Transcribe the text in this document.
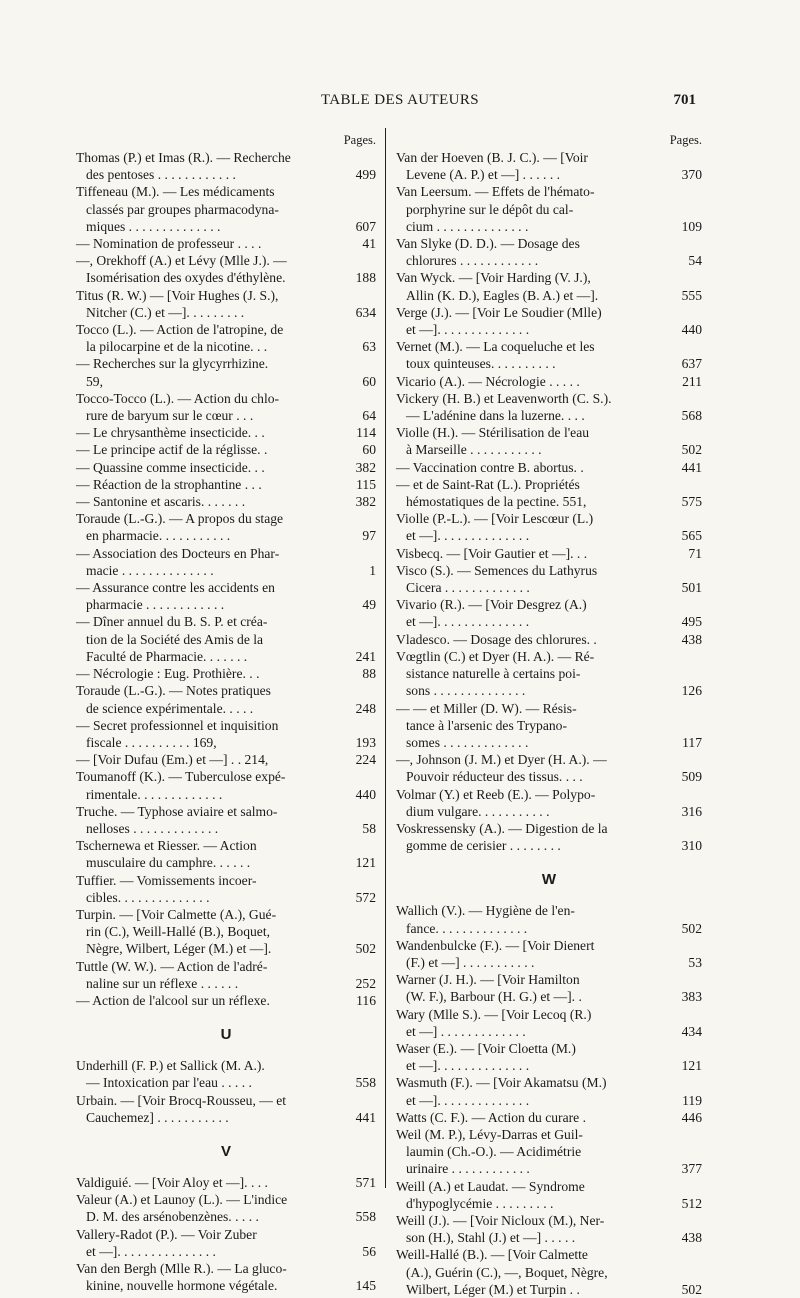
TABLE DES AUTEURS	701
Pages.
Thomas (P.) et Imas (R.). — Recherche
des pentoses . . . . . . . . . . . .	499
Tiffeneau (M.). — Les médicaments
classés par groupes pharmacodyna-
miques . . . . . . . . . . . . . .	607
— Nomination de professeur . . . .	41
—, Orekhoff (A.) et Lévy (Mlle J.). —
Isomérisation des oxydes d'éthylène.	188
Titus (R. W.) — [Voir Hughes (J. S.),
Nitcher (C.) et —]. . . . . . . . .	634
Tocco (L.). — Action de l'atropine, de
la pilocarpine et de la nicotine. . .	63
— Recherches sur la glycyrrhizine.
59,	60
Tocco-Tocco (L.). — Action du chlo-
rure de baryum sur le cœur . . .	64
— Le chrysanthème insecticide. . .	114
— Le principe actif de la réglisse. .	60
— Quassine comme insecticide. . .	382
— Réaction de la strophantine . . .	115
— Santonine et ascaris. . . . . . .	382
Toraude (L.-G.). — A propos du stage
en pharmacie. . . . . . . . . . .	97
— Association des Docteurs en Phar-
macie . . . . . . . . . . . . . .	1
— Assurance contre les accidents en
pharmacie . . . . . . . . . . . .	49
— Dîner annuel du B. S. P. et créa-
tion de la Société des Amis de la
Faculté de Pharmacie. . . . . . .	241
— Nécrologie : Eug. Prothière. . .	88
Toraude (L.-G.). — Notes pratiques
de science expérimentale. . . . .	248
— Secret professionnel et inquisition
fiscale . . . . . . . . . . 169,	193
— [Voir Dufau (Em.) et —] . . 214,	224
Toumanoff (K.). — Tuberculose expé-
rimentale. . . . . . . . . . . . .	440
Truche. — Typhose aviaire et salmo-
nelloses . . . . . . . . . . . . .	58
Tschernewa et Riesser. — Action
musculaire du camphre. . . . . .	121
Tuffier. — Vomissements incoer-
cibles. . . . . . . . . . . . . .	572
Turpin. — [Voir Calmette (A.), Gué-
rin (C.), Weill-Hallé (B.), Boquet,
Nègre, Wilbert, Léger (M.) et —].	502
Tuttle (W. W.). — Action de l'adré-
naline sur un réflexe . . . . . .	252
— Action de l'alcool sur un réflexe.	116
U
Underhill (F. P.) et Sallick (M. A.).
— Intoxication par l'eau . . . . .	558
Urbain. — [Voir Brocq-Rousseu, — et
Cauchemez] . . . . . . . . . . .	441
V
Valdiguié. — [Voir Aloy et —]. . . .	571
Valeur (A.) et Launoy (L.). — L'indice
D. M. des arsénobenzènes. . . . .	558
Vallery-Radot (P.). — Voir Zuber
et —]. . . . . . . . . . . . . . .	56
Van den Bergh (Mlle R.). — La gluco-
kinine, nouvelle hormone végétale.	145
Pages.
Van der Hoeven (B. J. C.). — [Voir
Levene (A. P.) et —] . . . . . .	370
Van Leersum. — Effets de l'hémato-
porphyrine sur le dépôt du cal-
cium . . . . . . . . . . . . . .	109
Van Slyke (D. D.). — Dosage des
chlorures . . . . . . . . . . . .	54
Van Wyck. — [Voir Harding (V. J.),
Allin (K. D.), Eagles (B. A.) et —].	555
Verge (J.). — [Voir Le Soudier (Mlle)
et —]. . . . . . . . . . . . . .	440
Vernet (M.). — La coqueluche et les
toux quinteuses. . . . . . . . . .	637
Vicario (A.). — Nécrologie . . . . .	211
Vickery (H. B.) et Leavenworth (C. S.).
— L'adénine dans la luzerne. . . .	568
Violle (H.). — Stérilisation de l'eau
à Marseille . . . . . . . . . . .	502
— Vaccination contre B. abortus. .	441
— et de Saint-Rat (L.). Propriétés
hémostatiques de la pectine. 551,	575
Violle (P.-L.). — [Voir Lescœur (L.)
et —]. . . . . . . . . . . . . .	565
Visbecq. — [Voir Gautier et —]. . .	71
Visco (S.). — Semences du Lathyrus
Cicera . . . . . . . . . . . . .	501
Vivario (R.). — [Voir Desgrez (A.)
et —]. . . . . . . . . . . . . .	495
Vladesco. — Dosage des chlorures. .	438
Vœgtlin (C.) et Dyer (H. A.). — Ré-
sistance naturelle à certains poi-
sons . . . . . . . . . . . . . .	126
— — et Miller (D. W). — Résis-
tance à l'arsenic des Trypano-
somes . . . . . . . . . . . . .	117
—, Johnson (J. M.) et Dyer (H. A.). —
Pouvoir réducteur des tissus. . . .	509
Volmar (Y.) et Reeb (E.). — Polypo-
dium vulgare. . . . . . . . . . .	316
Voskressensky (A.). — Digestion de la
gomme de cerisier . . . . . . . .	310
W
Wallich (V.). — Hygiène de l'en-
fance. . . . . . . . . . . . . .	502
Wandenbulcke (F.). — [Voir Dienert
(F.) et —] . . . . . . . . . . .	53
Warner (J. H.). — [Voir Hamilton
(W. F.), Barbour (H. G.) et —]. .	383
Wary (Mlle S.). — [Voir Lecoq (R.)
et —] . . . . . . . . . . . . .	434
Waser (E.). — [Voir Cloetta (M.)
et —]. . . . . . . . . . . . . .	121
Wasmuth (F.). — [Voir Akamatsu (M.)
et —]. . . . . . . . . . . . . .	119
Watts (C. F.). — Action du curare .	446
Weil (M. P.), Lévy-Darras et Guil-
laumin (Ch.-O.). — Acidimétrie
urinaire . . . . . . . . . . . .	377
Weill (A.) et Laudat. — Syndrome
d'hypoglycémie . . . . . . . . .	512
Weill (J.). — [Voir Nicloux (M.), Ner-
son (H.), Stahl (J.) et —] . . . . .	438
Weill-Hallé (B.). — [Voir Calmette
(A.), Guérin (C.), —, Boquet, Nègre,
Wilbert, Léger (M.) et Turpin . .	502
